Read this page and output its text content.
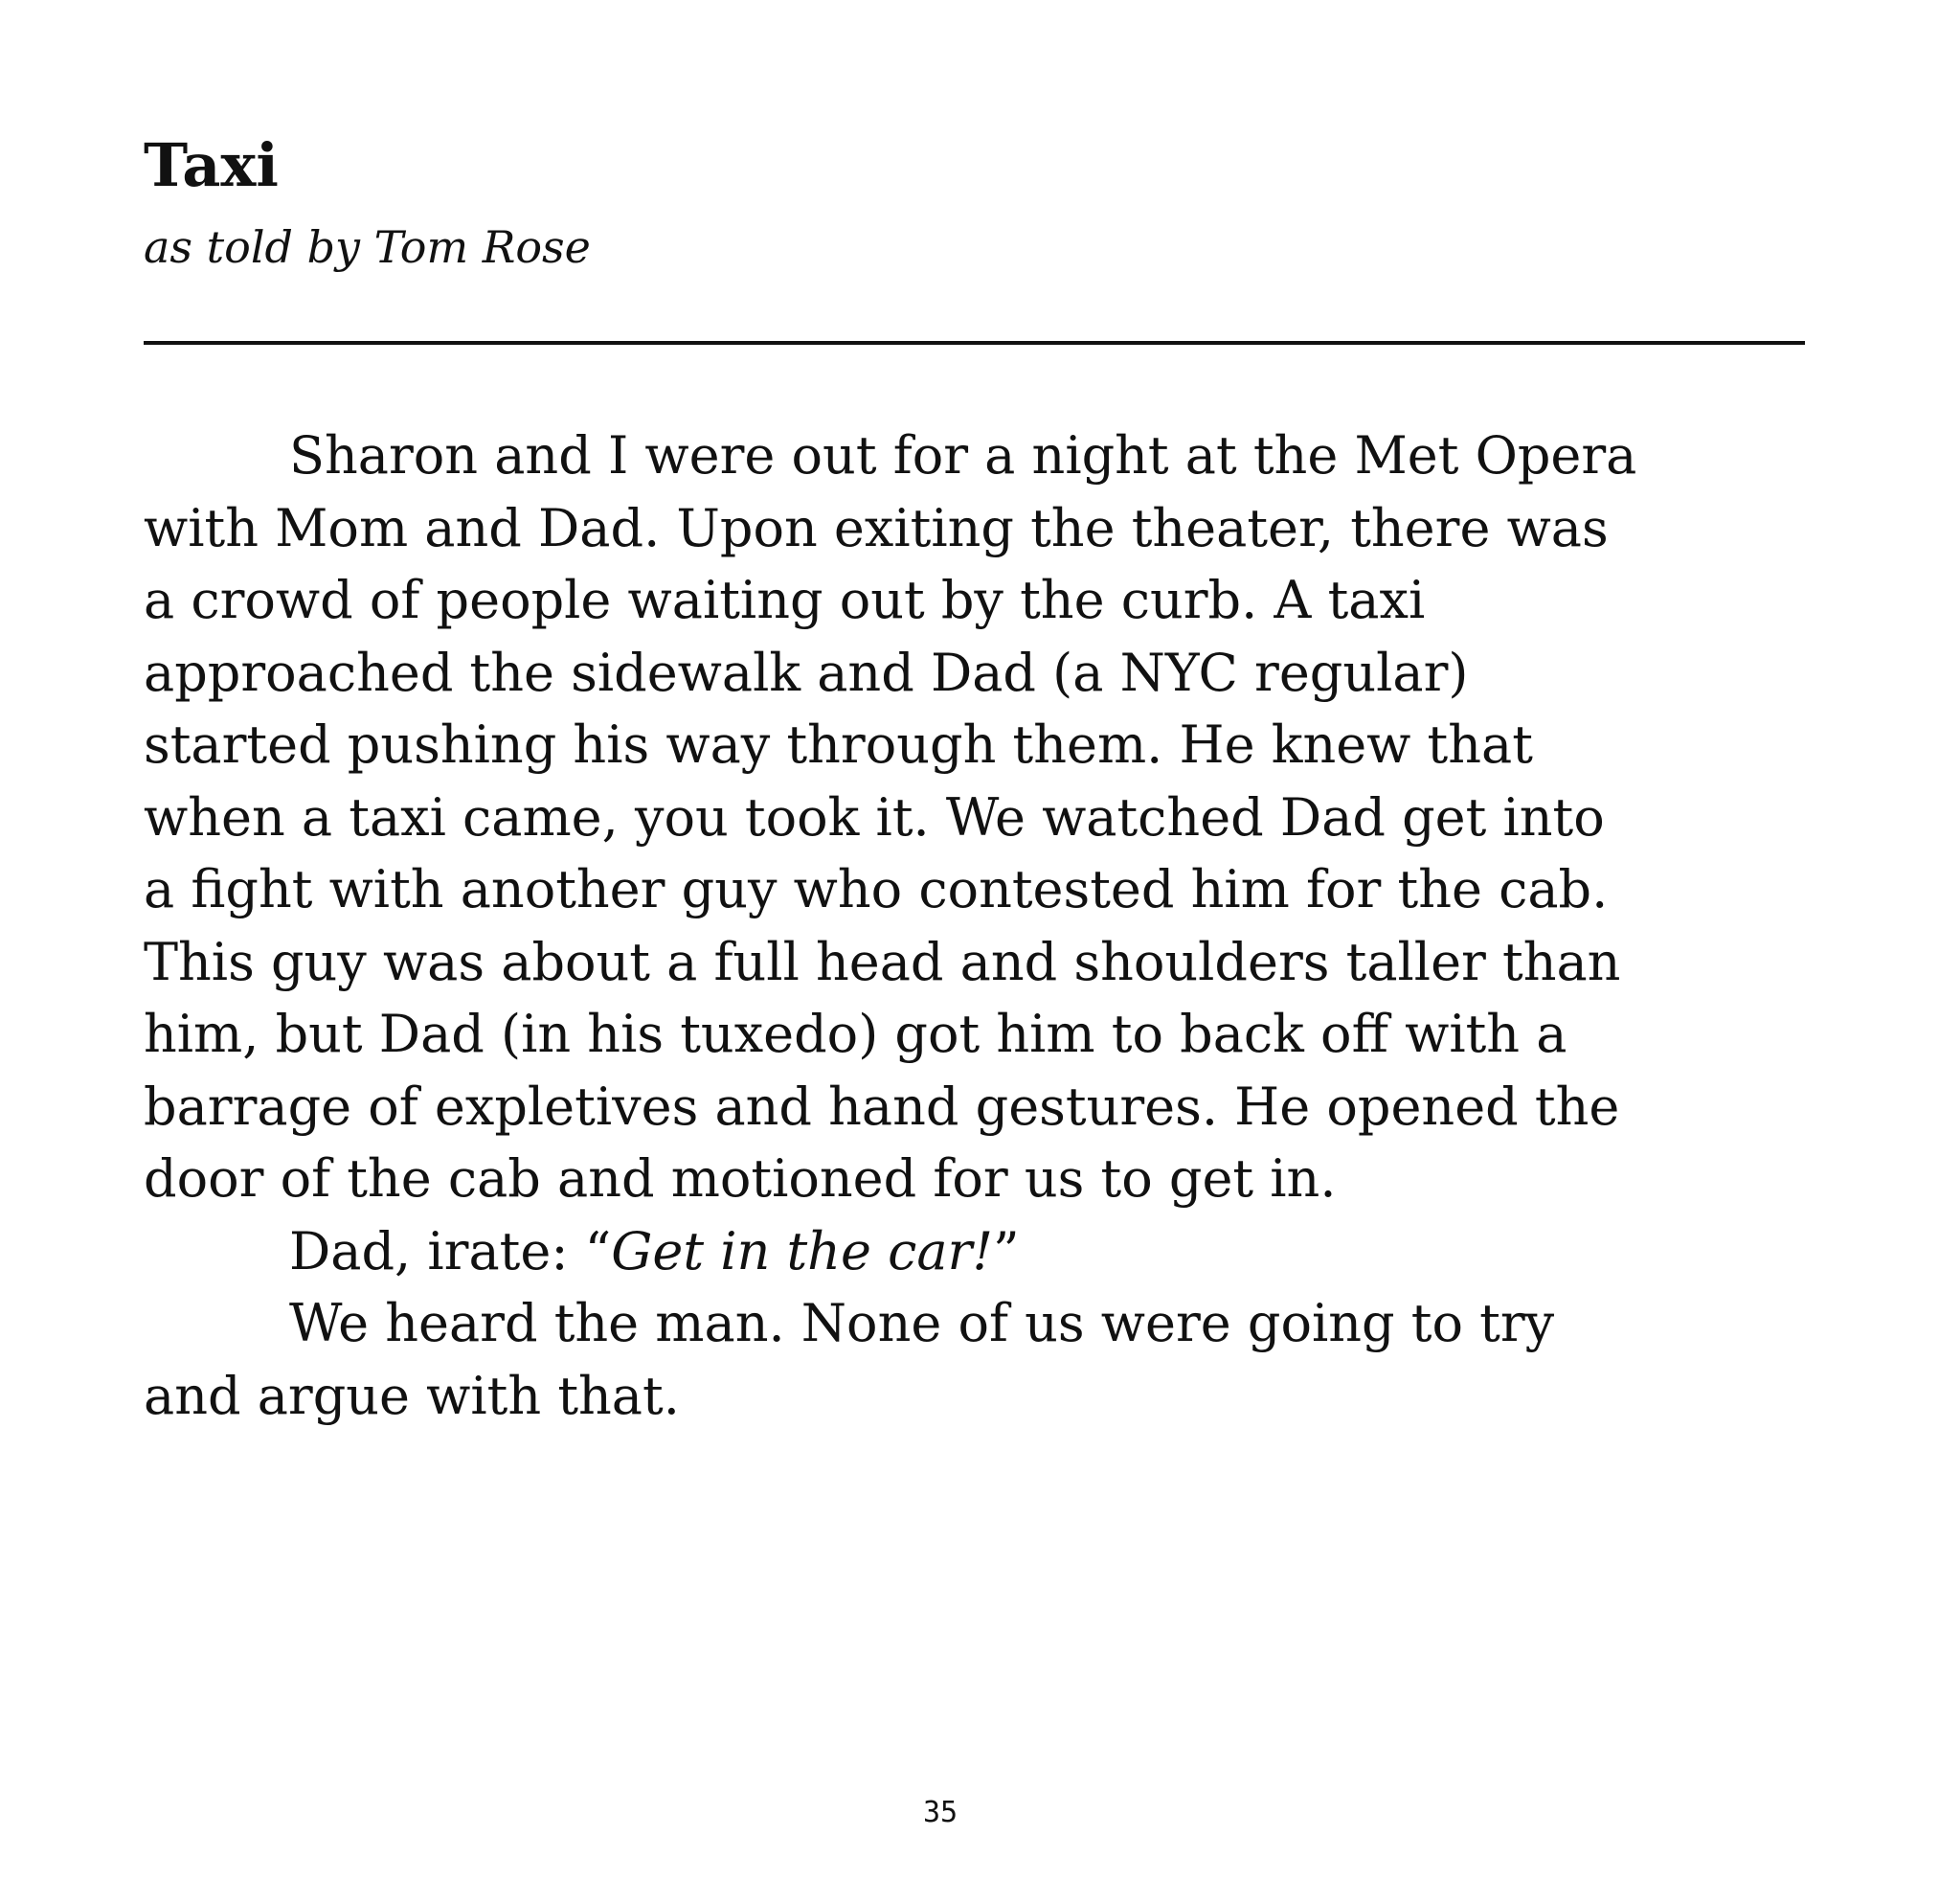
Taxi
as told by Tom Rose

Sharon and I were out for a night at the Met Opera
with Mom and Dad. Upon exiting the theater, there was
a crowd of people waiting out by the curb. A taxi
approached the sidewalk and Dad (a NYC regular)
started pushing his way through them. He knew that
when a taxi came, you took it. We watched Dad get into
a fight with another guy who contested him for the cab.
This guy was about a full head and shoulders taller than
him, but Dad (in his tuxedo) got him to back off with a
barrage of expletives and hand gestures. He opened the
door of the cab and motioned for us to get in.

Dad, irate: “Get in the car!”

We heard the man. None of us were going to try
and argue with that.

35
